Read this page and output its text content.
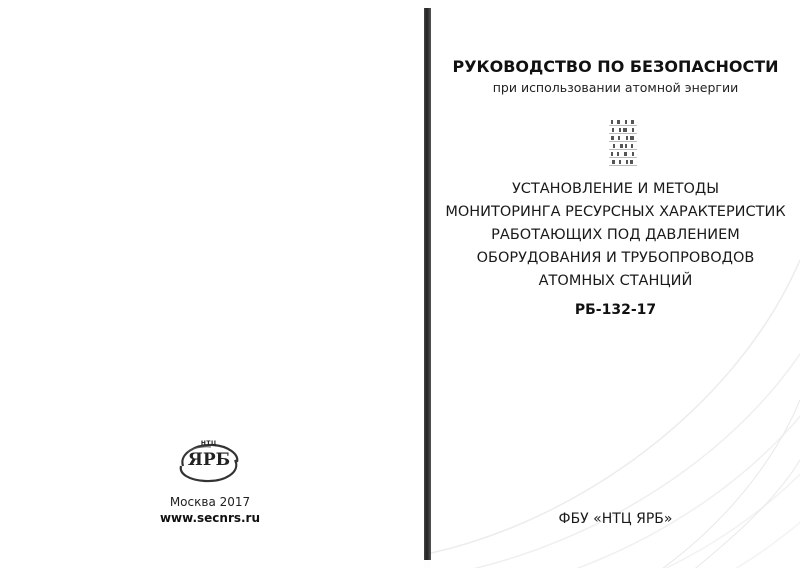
НТЦ
ЯРБ
Москва 2017
www.secnrs.ru
РУКОВОДСТВО ПО БЕЗОПАСНОСТИ
при использовании атомной энергии
УСТАНОВЛЕНИЕ И МЕТОДЫ
МОНИТОРИНГА РЕСУРСНЫХ ХАРАКТЕРИСТИК
РАБОТАЮЩИХ ПОД ДАВЛЕНИЕМ
ОБОРУДОВАНИЯ И ТРУБОПРОВОДОВ
АТОМНЫХ СТАНЦИЙ
РБ-132-17
ФБУ «НТЦ ЯРБ»
